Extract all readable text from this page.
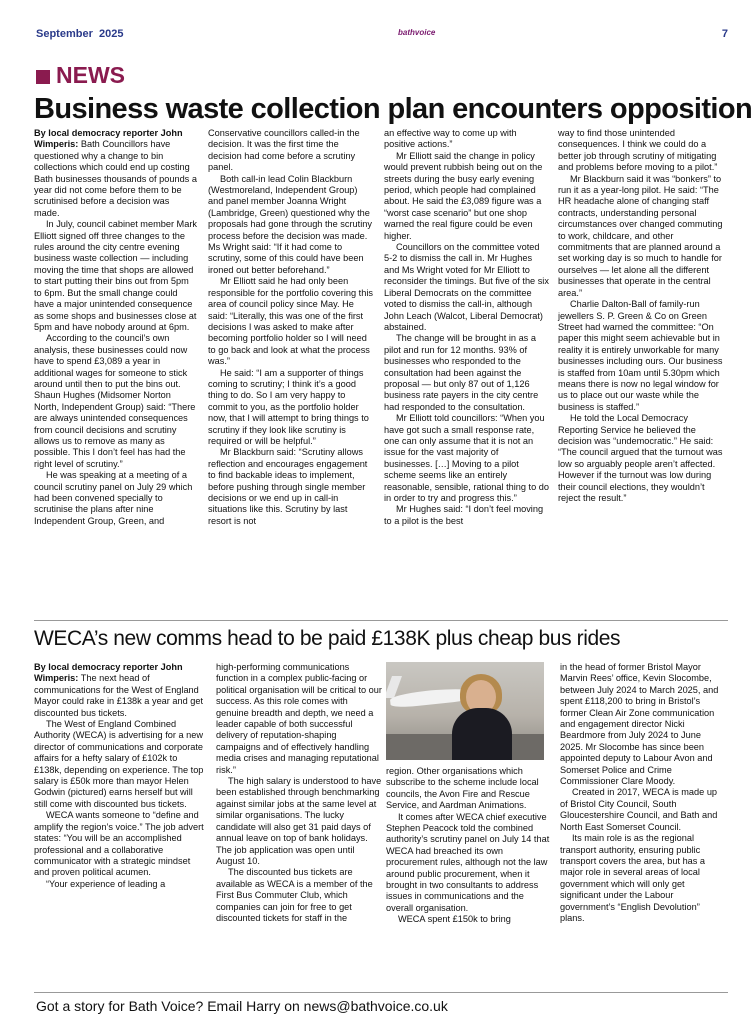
September 2025	bathvoice	7
NEWS
Business waste collection plan encounters opposition

By local democracy reporter John Wimperis: Bath Councillors have questioned why a change to bin collections which could end up costing Bath businesses thousands of pounds a year did not come before them to be scrutinised before a decision was made.

In July, council cabinet member Mark Elliott signed off three changes to the rules around the city centre evening business waste collection — including moving the time that shops are allowed to start putting their bins out from 5pm to 6pm. But the small change could have a major unintended consequence as some shops and businesses close at 5pm and have nobody around at 6pm.

According to the council’s own analysis, these businesses could now have to spend £3,089 a year in additional wages for someone to stick around until then to put the bins out. Shaun Hughes (Midsomer Norton North, Independent Group) said: “There are always unintended consequences from council decisions and scrutiny allows us to remove as many as possible. This I don’t feel has had the right level of scrutiny.”

He was speaking at a meeting of a council scrutiny panel on July 29 which had been convened specially to scrutinise the plans after nine Independent Group, Green, and

Conservative councillors called-in the decision. It was the first time the decision had come before a scrutiny panel.

Both call-in lead Colin Blackburn (Westmoreland, Independent Group) and panel member Joanna Wright (Lambridge, Green) questioned why the proposals had gone through the scrutiny process before the decision was made. Ms Wright said: “If it had come to scrutiny, some of this could have been ironed out better beforehand.”

Mr Elliott said he had only been responsible for the portfolio covering this area of council policy since May. He said: “Literally, this was one of the first decisions I was asked to make after becoming portfolio holder so I will need to go back and look at what the process was.”

He said: “I am a supporter of things coming to scrutiny; I think it’s a good thing to do. So I am very happy to commit to you, as the portfolio holder now, that I will attempt to bring things to scrutiny if they look like scrutiny is required or will be helpful.”

Mr Blackburn said: “Scrutiny allows reflection and encourages engagement to find backable ideas to implement, before pushing through single member decisions or we end up in call-in situations like this. Scrutiny by last resort is not

an effective way to come up with positive actions.”

Mr Elliott said the change in policy would prevent rubbish being out on the streets during the busy early evening period, which people had complained about. He said the £3,089 figure was a “worst case scenario” but one shop warned the real figure could be even higher.

Councillors on the committee voted 5-2 to dismiss the call in. Mr Hughes and Ms Wright voted for Mr Elliott to reconsider the timings. But five of the six Liberal Democrats on the committee voted to dismiss the call-in, although John Leach (Walcot, Liberal Democrat) abstained.

The change will be brought in as a pilot and run for 12 months. 93% of businesses who responded to the consultation had been against the proposal — but only 87 out of 1,126 business rate payers in the city centre had responded to the consultation.

Mr Elliott told councillors: “When you have got such a small response rate, one can only assume that it is not an issue for the vast majority of businesses. […] Moving to a pilot scheme seems like an entirely reasonable, sensible, rational thing to do in order to try and progress this.”

Mr Hughes said: “I don’t feel moving to a pilot is the best

way to find those unintended consequences. I think we could do a better job through scrutiny of mitigating and problems before moving to a pilot.”

Mr Blackburn said it was “bonkers” to run it as a year-long pilot. He said: “The HR headache alone of changing staff contracts, understanding personal circumstances over changed commuting to work, childcare, and other commitments that are planned around a set working day is so much to handle for ourselves — let alone all the different businesses that operate in the central area.”

Charlie Dalton-Ball of family-run jewellers S. P. Green & Co on Green Street had warned the committee: “On paper this might seem achievable but in reality it is entirely unworkable for many businesses including ours. Our business is staffed from 10am until 5.30pm which means there is now no legal window for us to place out our waste while the business is staffed.”

He told the Local Democracy Reporting Service he believed the decision was “undemocratic.” He said: “The council argued that the turnout was low so arguably people aren’t affected. However if the turnout was low during their council elections, they wouldn’t reject the result.”

WECA’s new comms head to be paid £138K plus cheap bus rides

By local democracy reporter John Wimperis: The next head of communications for the West of England Mayor could rake in £138k a year and get discounted bus tickets.

The West of England Combined Authority (WECA) is advertising for a new director of communications and corporate affairs for a hefty salary of £102k to £138k, depending on experience. The top salary is £50k more than mayor Helen Godwin (pictured) earns herself but will still come with discounted bus tickets.

WECA wants someone to “define and amplify the region’s voice.” The job advert states: “You will be an accomplished professional and a collaborative communicator with a strategic mindset and proven political acumen.

“Your experience of leading a

high-performing communications function in a complex public-facing or political organisation will be critical to our success. As this role comes with genuine breadth and depth, we need a leader capable of both successful delivery of reputation-shaping campaigns and of effectively handling media crises and managing reputational risk.”

The high salary is understood to have been established through benchmarking against similar jobs at the same level at similar organisations. The lucky candidate will also get 31 paid days of annual leave on top of bank holidays. The job application was open until August 10.

The discounted bus tickets are available as WECA is a member of the First Bus Commuter Club, which companies can join for free to get discounted tickets for staff in the

region. Other organisations which subscribe to the scheme include local councils, the Avon Fire and Rescue Service, and Aardman Animations.

It comes after WECA chief executive Stephen Peacock told the combined authority’s scrutiny panel on July 14 that WECA had breached its own procurement rules, although not the law around public procurement, when it brought in two consultants to address issues in communications and the overall organisation.

WECA spent £150k to bring

in the head of former Bristol Mayor Marvin Rees’ office, Kevin Slocombe, between July 2024 to March 2025, and spent £118,200 to bring in Bristol’s former Clean Air Zone communication and engagement director Nicki Beardmore from July 2024 to June 2025. Mr Slocombe has since been appointed deputy to Labour Avon and Somerset Police and Crime Commissioner Clare Moody.

Created in 2017, WECA is made up of Bristol City Council, South Gloucestershire Council, and Bath and North East Somerset Council.

Its main role is as the regional transport authority, ensuring public transport covers the area, but has a major role in several areas of local government which will only get significant under the Labour government’s “English Devolution” plans.

Got a story for Bath Voice? Email Harry on news@bathvoice.co.uk
